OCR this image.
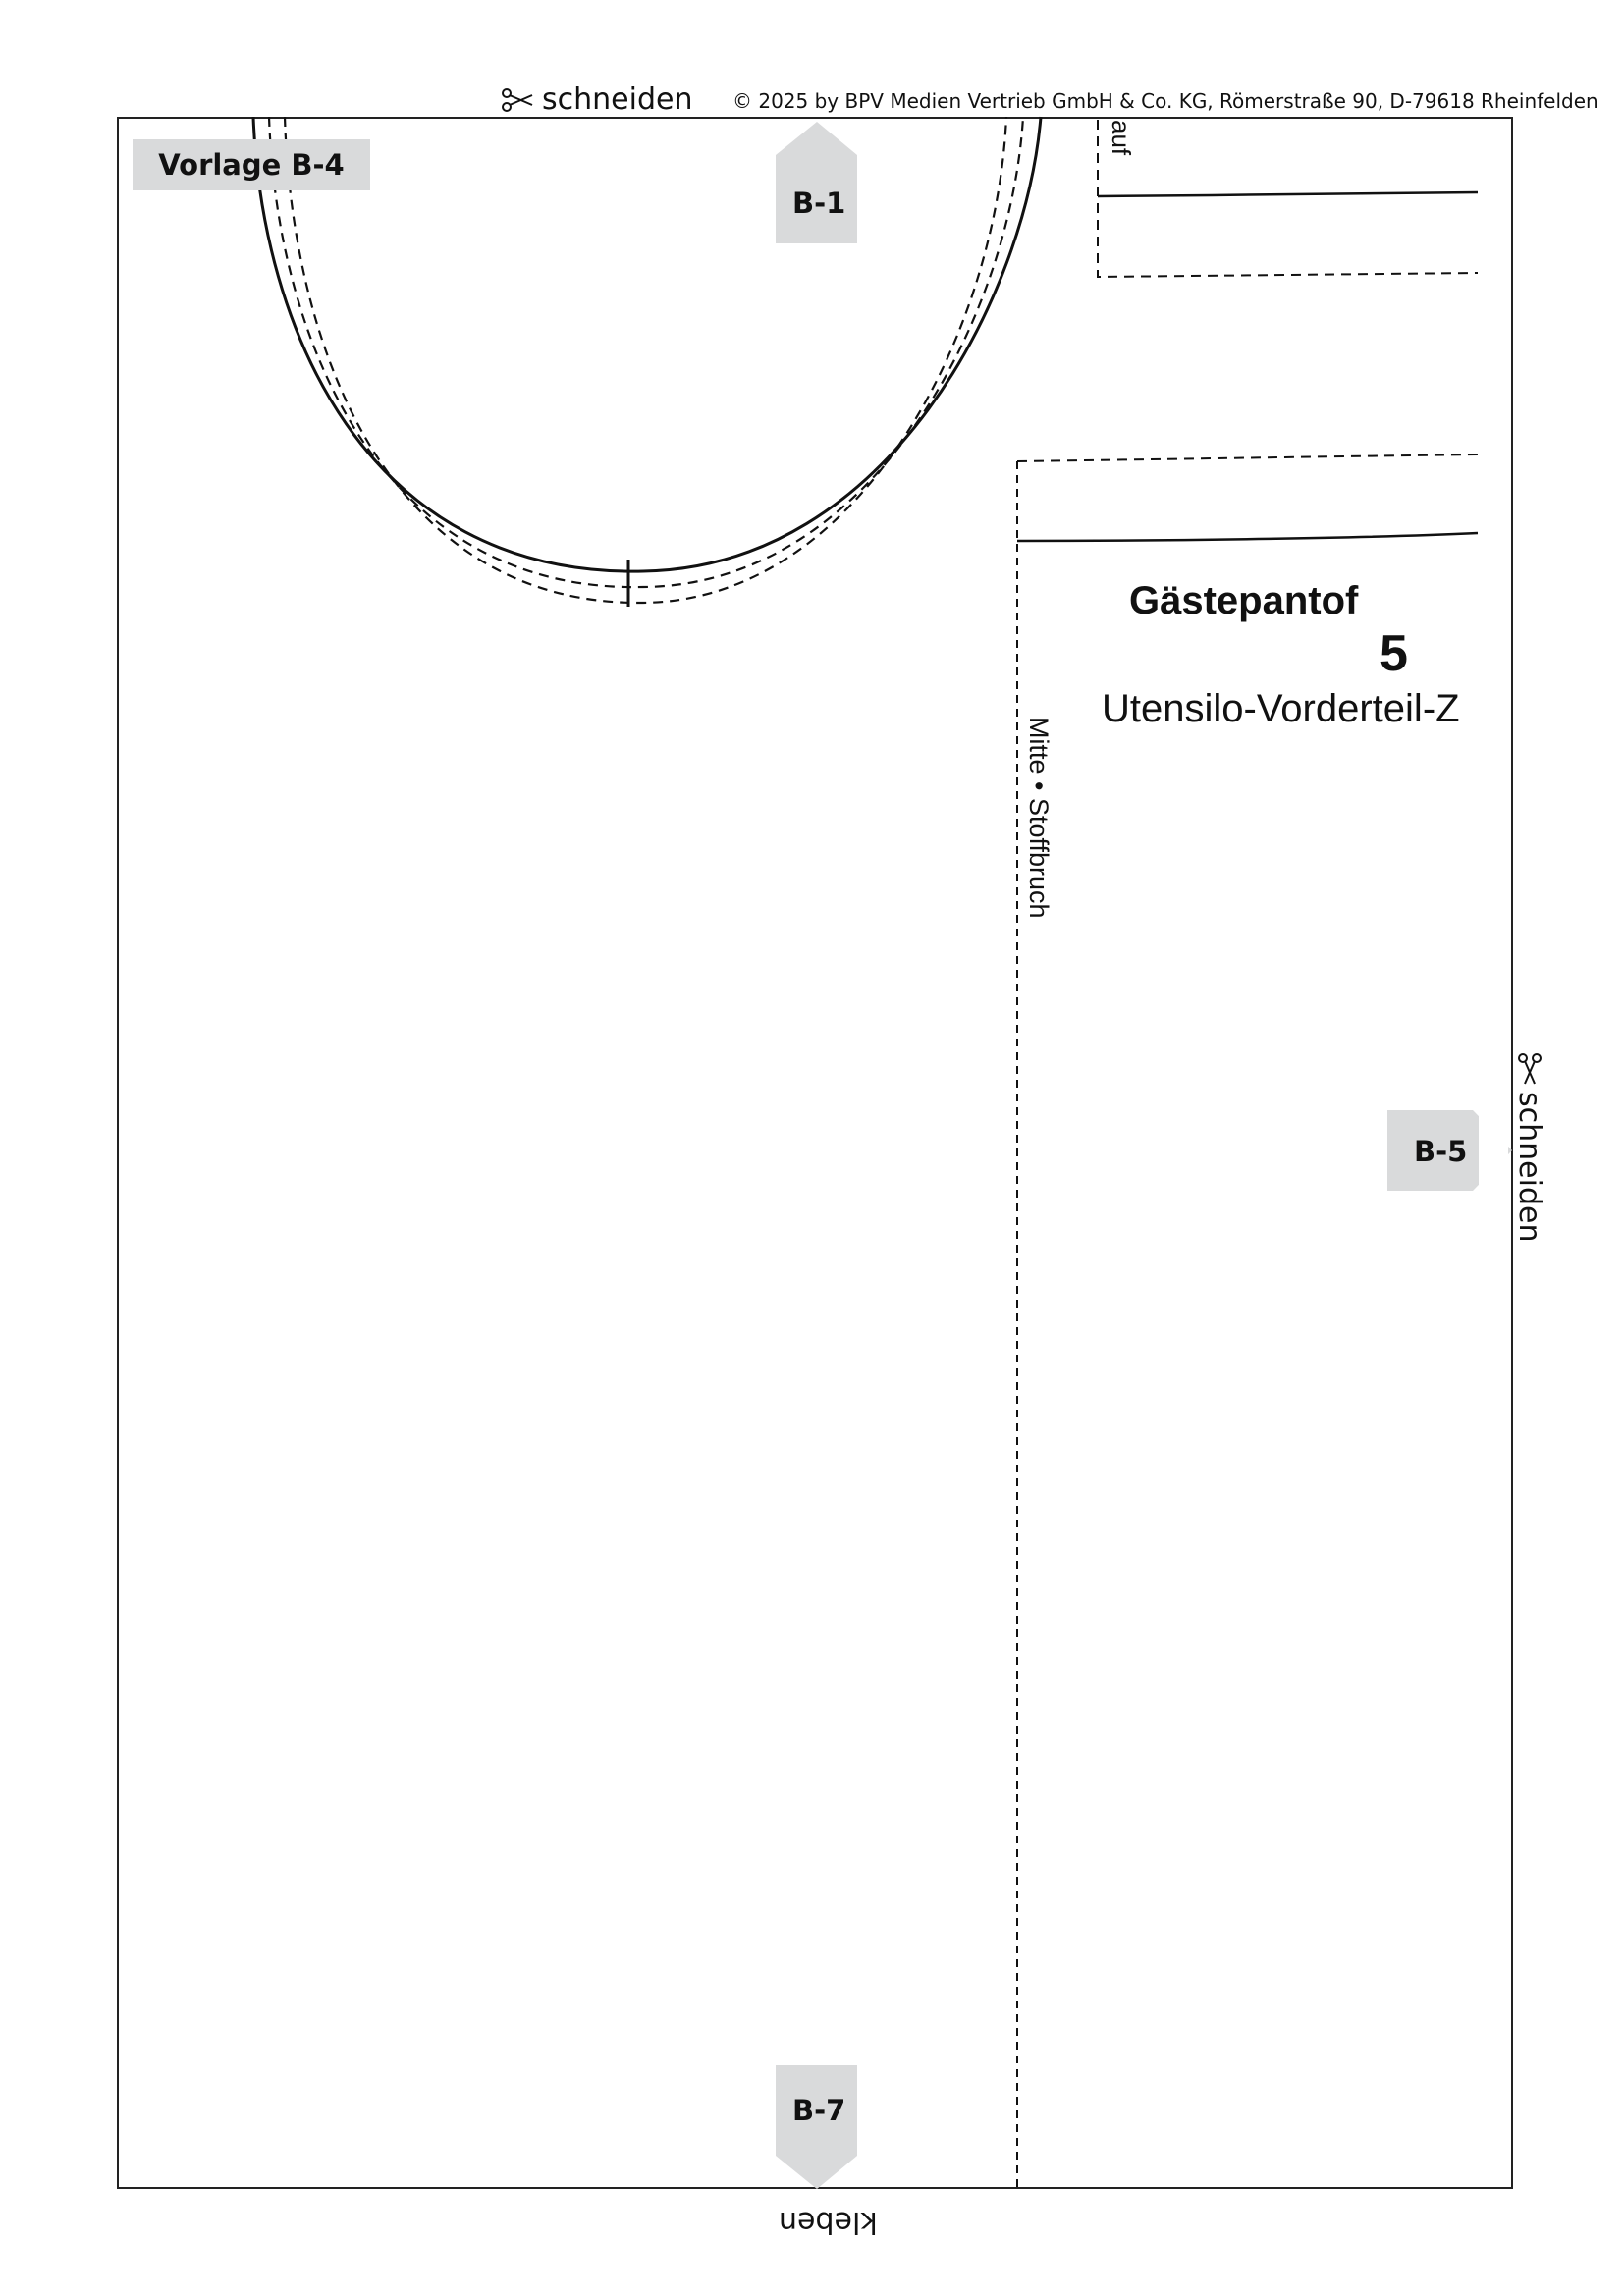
schneiden © 2025 by BPV Medien Vertrieb GmbH & Co. KG, Römerstraße 90, D-79618 Rheinfelden
Vorlage B-4
B-1
B-5
B-7
Gästepantof
5
Utensilo-Vorderteil-Z
Mitte • Stoffbruch
auf
schneiden
kleben
